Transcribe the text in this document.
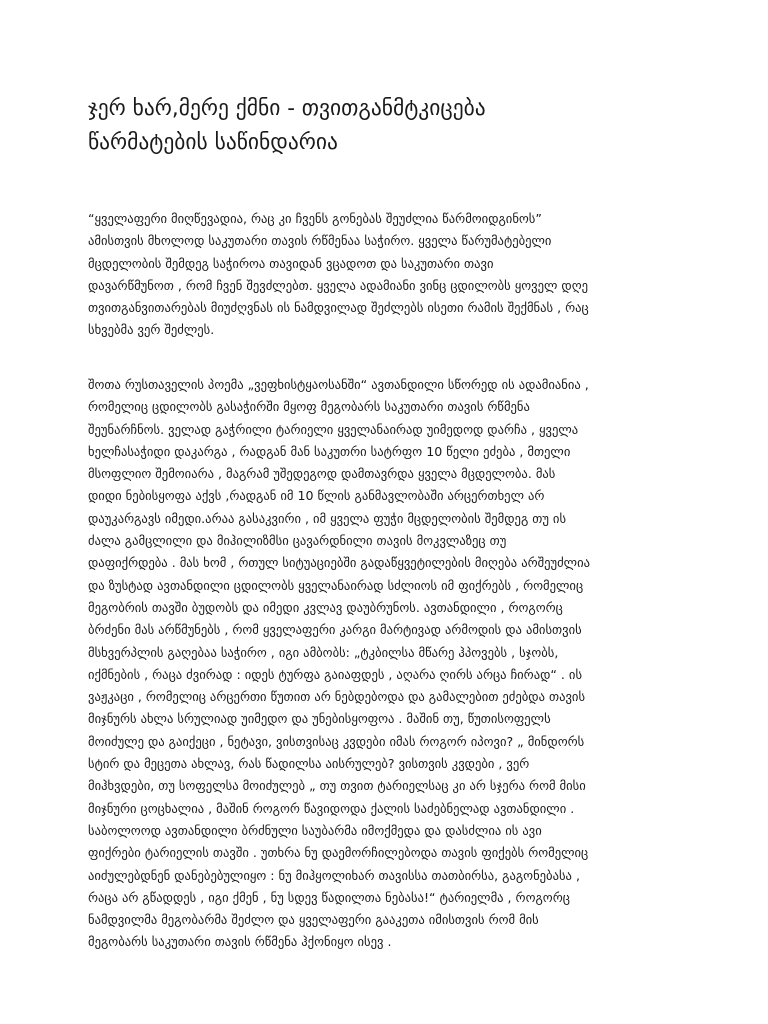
ჯერ ხარ,მერე ქმნი - თვითგანმტკიცება
წარმატების საწინდარია
“ყველაფერი მიღწევადია, რაც კი ჩვენს გონებას შეუძლია წარმოიდგინოს”
ამისთვის მხოლოდ საკუთარი თავის რწმენაა საჭირო. ყველა წარუმატებელი
მცდელობის შემდეგ საჭიროა თავიდან ვცადოთ და საკუთარი თავი
დავარწმუნოთ , რომ ჩვენ შევძლებთ. ყველა ადამიანი ვინც ცდილობს ყოველ დღე
თვითგანვითარებას მიუძღვნას ის ნამდვილად შეძლებს ისეთი რამის შექმნას , რაც
სხვებმა ვერ შეძლეს.
შოთა რუსთაველის პოემა „ვეფხისტყაოსანში“ ავთანდილი სწორედ ის ადამიანია ,
რომელიც ცდილობს გასაჭირში მყოფ მეგობარს საკუთარი თავის რწმენა
შეუნარჩნოს. ველად გაჭრილი ტარიელი ყველანაირად უიმედოდ დარჩა , ყველა
ხელჩასაჭიდი დაკარგა , რადგან მან საკუთრი სატრფო 10 წელი ეძება , მთელი
მსოფლიო შემოიარა , მაგრამ უშედეგოდ დამთავრდა ყველა მცდელობა. მას
დიდი ნებისყოფა აქვს ,რადგან იმ 10 წლის განმავლობაში არცერთხელ არ
დაუკარგავს იმედი.არაა გასაკვირი , იმ ყველა ფუჭი მცდელობის შემდეგ თუ ის
ძალა გამცლილი და მიჰილიზმსი ცავარდნილი თავის მოკვლაზეც თუ
დაფიქრდება . მას ხომ , რთულ სიტუაციებში გადაწყვეტილების მიღება არშეუძლია
და ზუსტად ავთანდილი ცდილობს ყველანაირად სძლიოს იმ ფიქრებს , რომელიც
მეგობრის თავში ბუდობს და იმედი კვლავ დაუბრუნოს. ავთანდილი , როგორც
ბრძენი მას არწმუნებს , რომ ყველაფერი კარგი მარტივად არმოდის და ამისთვის
მსხვერპლის გაღებაა საჭირო , იგი ამბობს: „ტკბილსა მწარე ჰპოვებს , სჯობს,
იქმნების , რაცა ძვირად : იდეს ტურფა გაიაფდეს , აღარა ღირს არცა ჩირად“ . ის
ვაჟკაცი , რომელიც არცერთი წუთით არ ნებდებოდა და გამალებით ეძებდა თავის
მიჯნურს ახლა სრულიად უიმედო და უნებისყოფოა . მაშინ თუ, წუთისოფელს
მოიძულე და გაიქეცი , ნეტავი, ვისთვისაც კვდები იმას როგორ იპოვი? „ მინდორს
სტირ და მეცეთა ახლავ, რას წადილსა აისრულებ? ვისთვის კვდები , ვერ
მიჰხვდები, თუ სოფელსა მოიძულებ „ თუ თვით ტარიელსაც კი არ სჯერა რომ მისი
მიჯნური ცოცხალია , მაშინ როგორ წავიდოდა ქალის საძებნელად ავთანდილი .
საბოლოოდ ავთანდილი ბრძნული საუბარმა იმოქმედა და დასძლია ის ავი
ფიქრები ტარიელის თავში . უთხრა ნუ დაემორჩილებოდა თავის ფიქებს რომელიც
აიძულებდნენ დანებებულიყო : ნუ მიჰყოლიხარ თავისსა თათბირსა, გაგონებასა ,
რაცა არ გწადდეს , იგი ქმენ , ნუ სდევ წადილთა ნებასა!“ ტარიელმა , როგორც
ნამდვილმა მეგობარმა შეძლო და ყველაფერი გააკეთა იმისთვის რომ მის
მეგობარს საკუთარი თავის რწმენა ჰქონიყო ისევ .
